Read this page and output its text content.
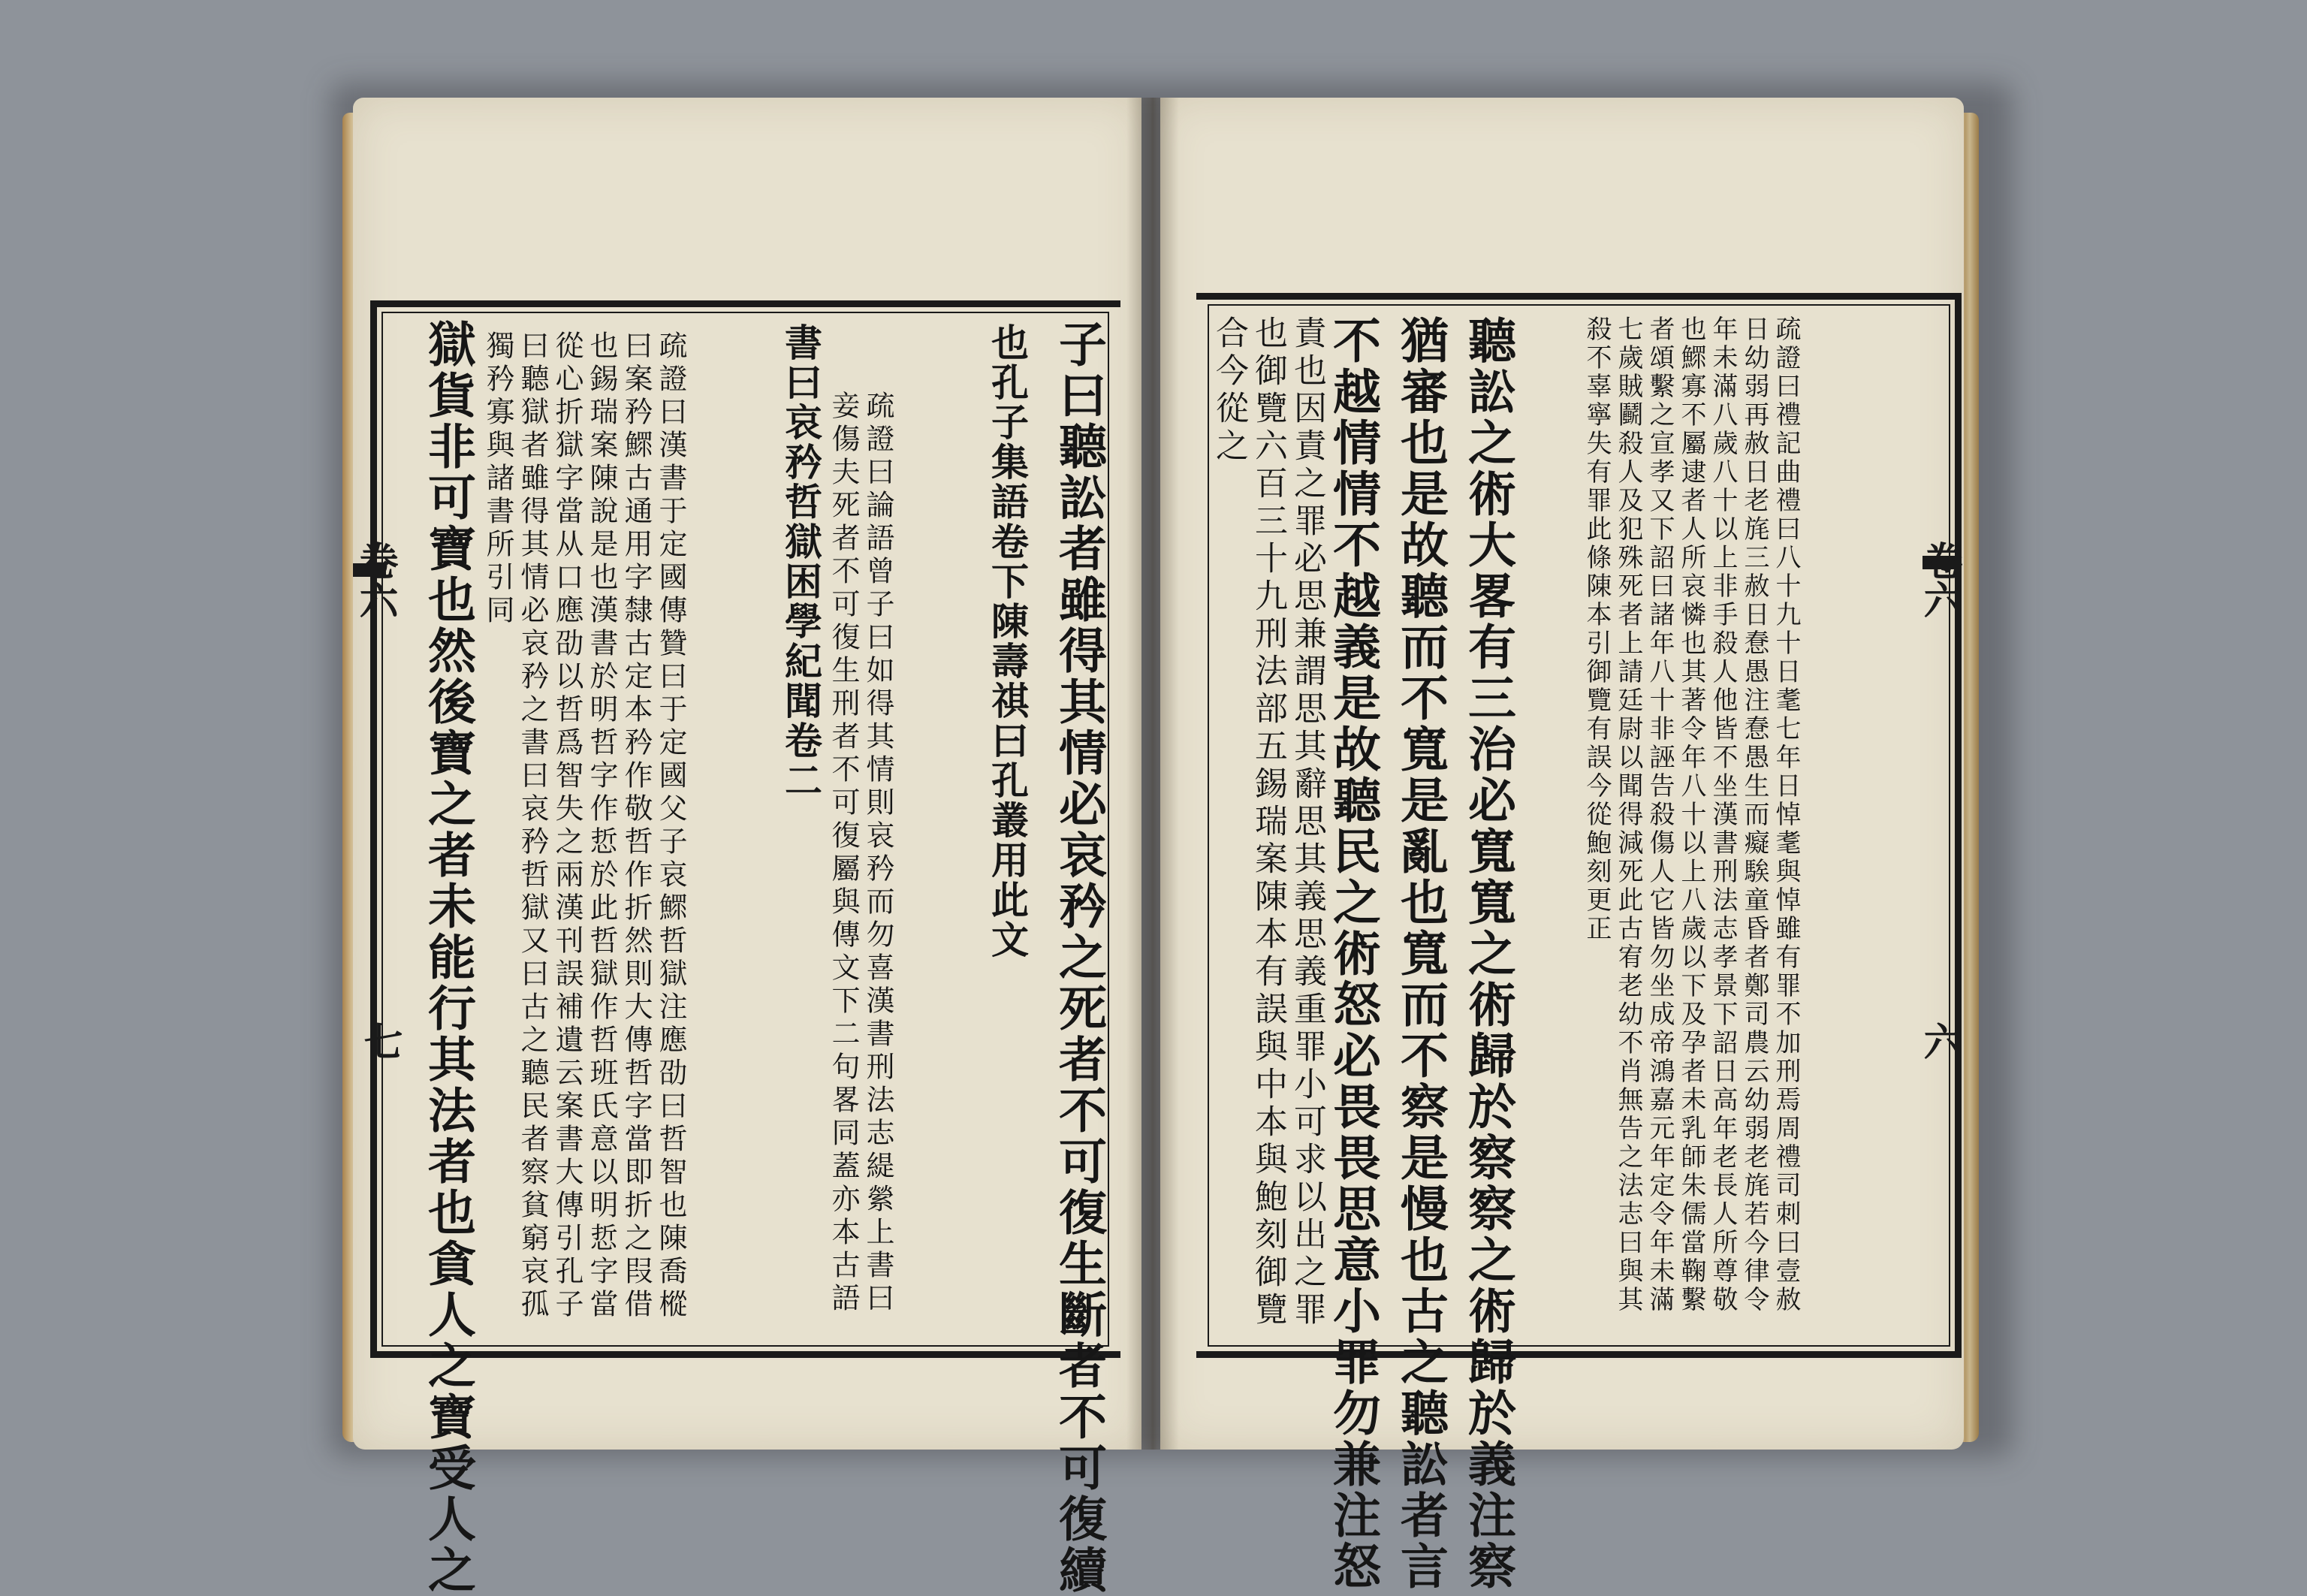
卷六
七
卷六
六
子曰聽訟者雖得其情必哀矜之死者不可復生斷者不可復續
也孔子集語卷下陳壽祺曰孔叢用此文
疏證曰論語曾子曰如得其情則哀矜而勿喜漢書刑法志緹縈上書曰妾傷夫死者不可復生刑者不可復屬與傳文下二句畧同蓋亦本古語
書曰哀矜哲獄困學紀聞卷二
疏證曰漢書于定國傳贊曰于定國父子哀鰥哲獄注應劭曰哲智也陳喬樅曰案矜鰥古通用字隸古定本矜作敬哲作折然則大傳哲字當即折之叚借也錫瑞案陳說是也漢書於明哲字作悊於此哲獄作哲班氏意以明悊字當從心折獄字當从口應劭以哲爲智失之兩漢刊誤補遺云案書大傳引孔子曰聽獄者雖得其情必哀矜之書曰哀矜哲獄又曰古之聽民者察貧窮哀孤獨矜寡與諸書所引同
獄貨非可寶也然後寶之者未能行其法者也貪人之寶受人之	疏證曰禮記曲禮曰八十九十日耄七年日悼耄與悼雖有罪不加刑焉周禮司刺曰壹赦日幼弱再赦日老旄三赦日惷愚注惷愚生而癡騃童昏者鄭司農云幼弱老旄若今律令年未滿八歲八十以上非手殺人他皆不坐漢書刑法志孝景下詔日高年老長人所尊敬也鰥寡不屬逮者人所哀憐也其著令年八十以上八歲以下及孕者未乳師朱儒當鞠繫者頌繫之宣孝又下詔曰諸年八十非誣告殺傷人它皆勿坐成帝鴻嘉元年定令年未滿七歲賊鬬殺人及犯殊死者上請廷尉以聞得減死此古宥老幼不肖無告之法志曰與其殺不辜寧失有罪此條陳本引御覽有誤今從鮑刻更正
聽訟之術大畧有三治必寬寬之術歸於察察之術歸於義注察
猶審也是故聽而不寬是亂也寬而不察是慢也古之聽訟者言
不越情情不越義是故聽民之術怒必畏畏思意小罪勿兼注怒
責也因責之罪必思兼謂思其辭思其義思義重罪小可求以出之罪也御覽六百三十九刑法部五錫瑞案陳本有誤與中本與鮑刻御覽合今從之
